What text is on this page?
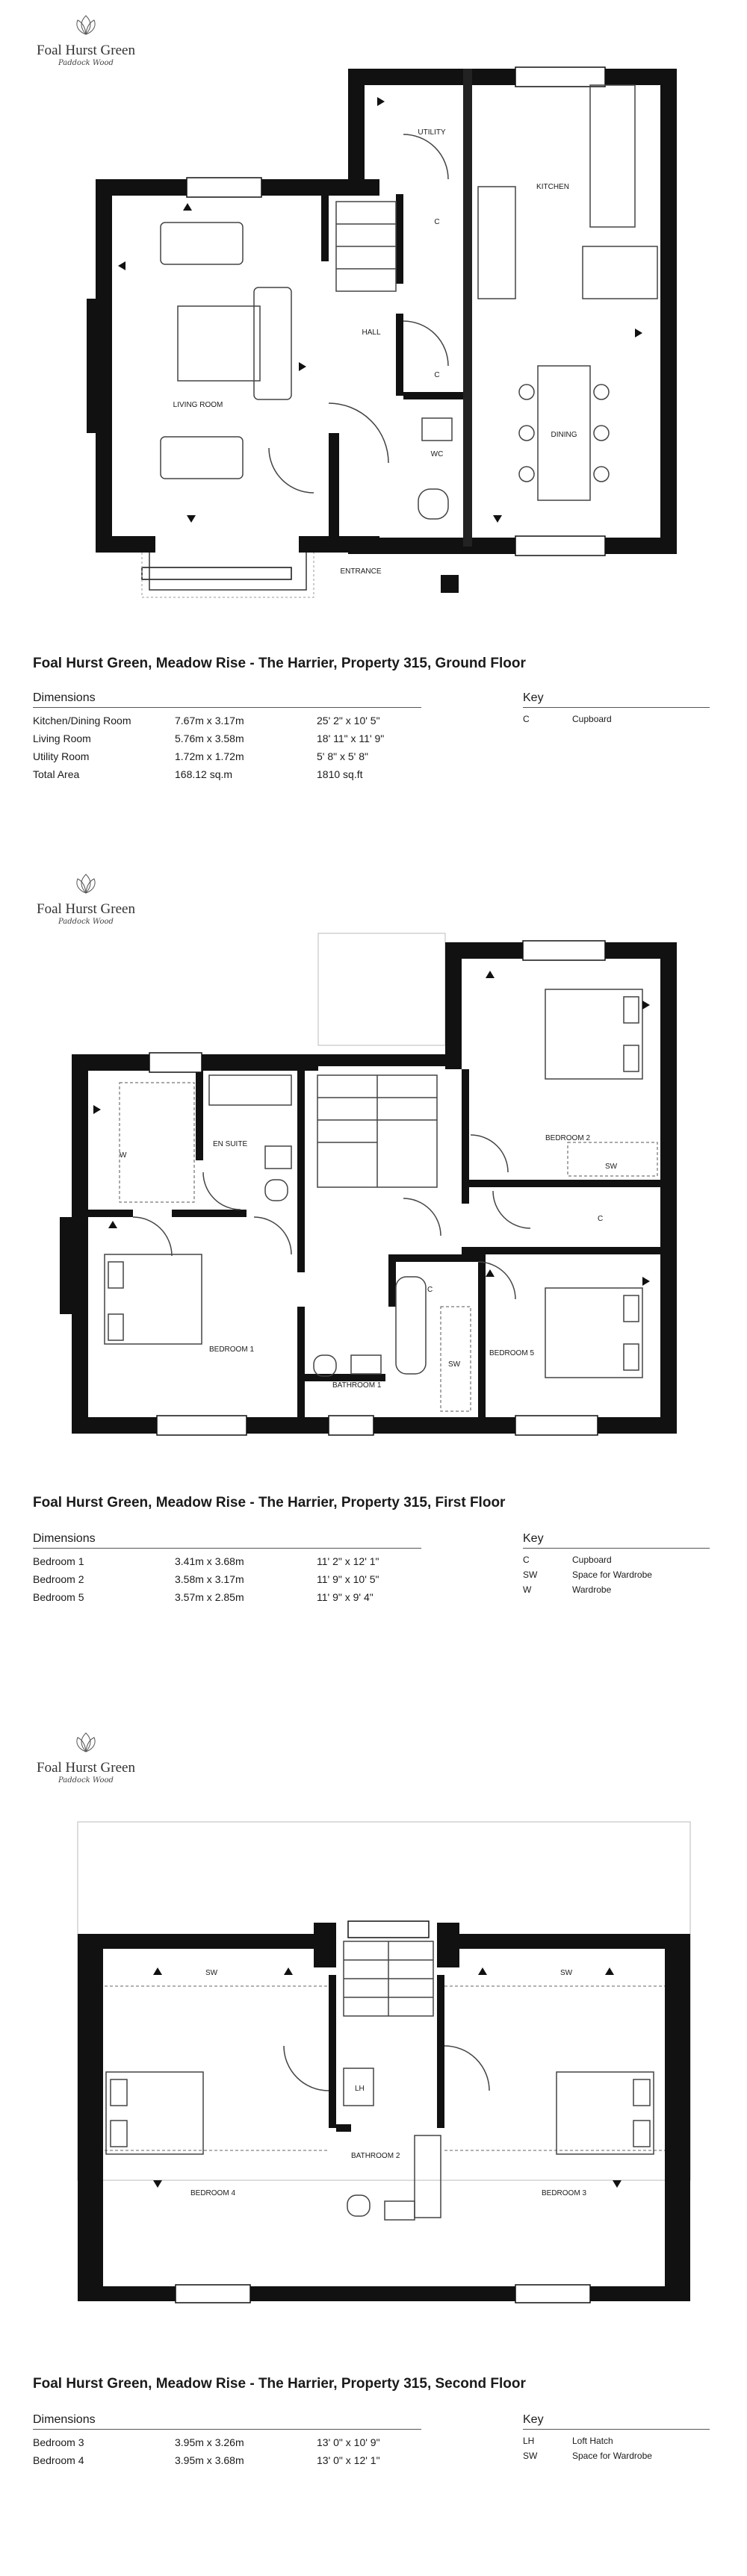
Foal Hurst Green
Paddock Wood
LIVING ROOM
KITCHEN
DINING
UTILITY
HALL
WC
ENTRANCE
C
C
Foal Hurst Green, Meadow Rise - The Harrier, Property 315, Ground Floor
Dimensions
Kitchen/Dining Room	7.67m x 3.17m	25' 2" x 10' 5"
Living Room	5.76m x 3.58m	18' 11" x 11' 9"
Utility Room	1.72m x 1.72m	5' 8" x 5' 8"
Total Area	168.12 sq.m	1810 sq.ft
Key
C	Cupboard
Foal Hurst Green
Paddock Wood
BEDROOM 1
BEDROOM 2
BEDROOM 5
EN SUITE
BATHROOM 1
W
SW
SW
C
C
Foal Hurst Green, Meadow Rise - The Harrier, Property 315, First Floor
Dimensions
Bedroom 1	3.41m x 3.68m	11' 2" x 12' 1"
Bedroom 2	3.58m x 3.17m	11' 9" x 10' 5"
Bedroom 5	3.57m x 2.85m	11' 9" x 9' 4"
Key
C	Cupboard
SW	Space for Wardrobe
W	Wardrobe
Foal Hurst Green
Paddock Wood
BEDROOM 4	BEDROOM 3
BATHROOM 2
LH
SW	SW
Foal Hurst Green, Meadow Rise - The Harrier, Property 315, Second Floor
Dimensions
Bedroom 3	3.95m x 3.26m	13' 0" x 10' 9"
Bedroom 4	3.95m x 3.68m	13' 0" x 12' 1"
Key
LH	Loft Hatch
SW	Space for Wardrobe
